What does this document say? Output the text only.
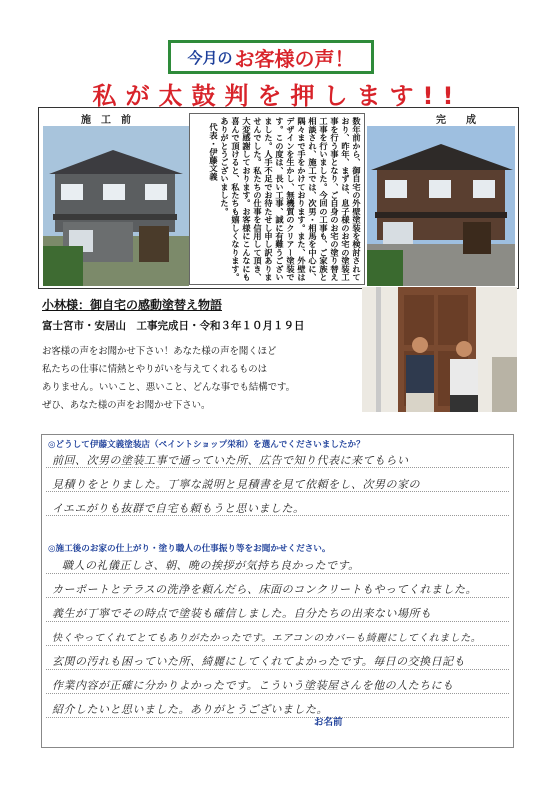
今月の お客様の声！
私が太鼓判を押します!!
施　工　前	完　　成
数年前から、御自宅の外壁塗装を検討されており、昨年、まずは、息子様のお宅の塗装工事を行う事となり、ご自身のお宅の塗り替え工事を行いました。今回の工事も、ご家族と相談され、施工では、次男・相馬を中心に、隅々まで手をかけております。また、外壁はデザインを生かし、無機質のクリアー塗装です。この度は、長い工事、誠に有難うございました。人手不足でお待たせし申し訳ありませんでした。私たちの仕事を信用して頂き、大変感謝しております。お客様にこんなにも喜んで頂けると、私たちも嬉しくなります。ありがとうございました。
代表・伊藤文義
小林様：御自宅の感動塗替え物語
富士宮市・安居山　工事完成日・令和３年１０月１９日
お客様の声をお聞かせ下さい！あなた様の声を聞くほど
私たちの仕事に情熱とやりがいを与えてくれるものは
ありません。いいこと、悪いこと、どんな事でも結構です。
ぜひ、あなた様の声をお聞かせ下さい。
◎どうして伊藤文義塗装店（ペイントショップ栄和）を選んでくださいましたか？
前回、次男の塗装工事で通っていた所、広告で知り代表に来てもらい
見積りをとりました。丁寧な説明と見積書を見て依頼をし、次男の家の
イエエがりも抜群で自宅も頼もうと思いました。
◎施工後のお家の仕上がり・塗り職人の仕事振り等をお聞かせください。
職人の礼儀正しさ、朝、晩の挨拶が気持ち良かったです。
カーポートとテラスの洗浄を頼んだら、床面のコンクリートもやってくれました。
義生が丁寧でその時点で塗装も確信しました。自分たちの出来ない場所も
快くやってくれてとてもありがたかったです。エアコンのカバーも綺麗にしてくれました。
玄関の汚れも困っていた所、綺麗にしてくれてよかったです。毎日の交換日記も
作業内容が正確に分かりよかったです。こういう塗装屋さんを他の人たちにも
紹介したいと思いました。ありがとうございました。
お名前
